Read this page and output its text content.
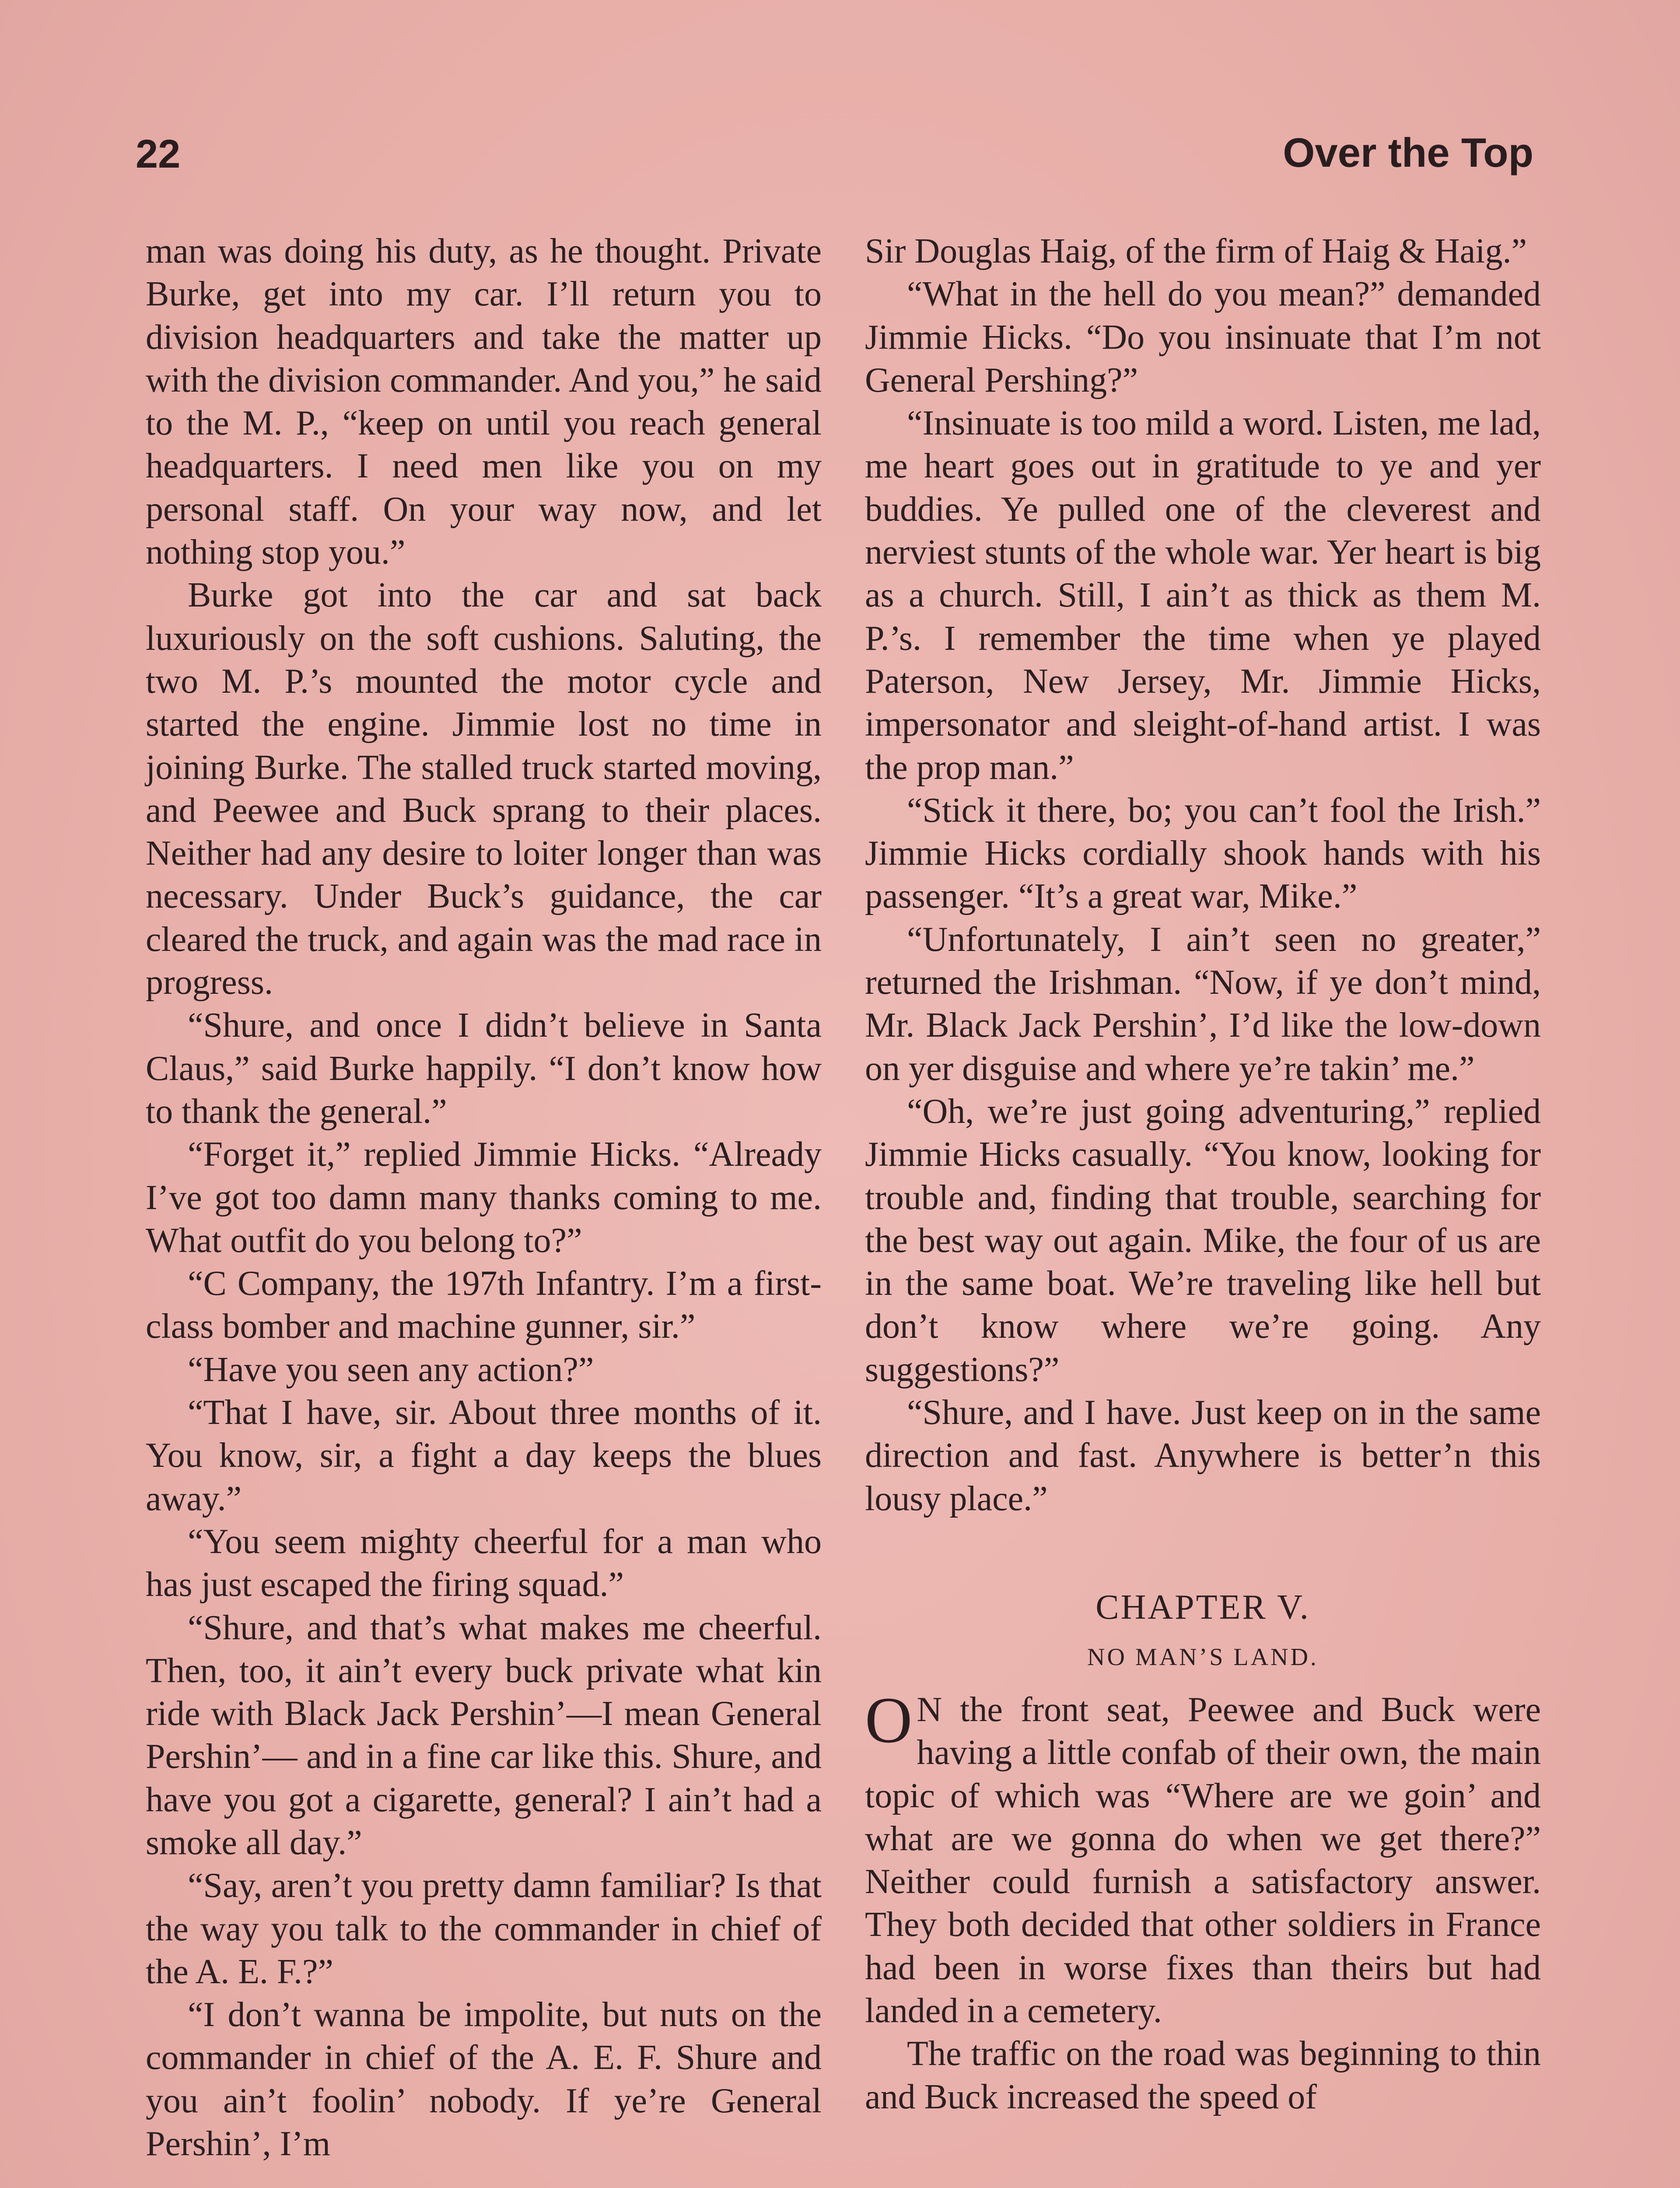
22	Over the Top

man was doing his duty, as he thought. Private Burke, get into my car. I’ll return you to division headquarters and take the matter up with the division commander. And you,” he said to the M. P., “keep on until you reach general headquarters. I need men like you on my personal staff. On your way now, and let nothing stop you.”

Burke got into the car and sat back luxuriously on the soft cushions. Saluting, the two M. P.’s mounted the motor cycle and started the engine. Jimmie lost no time in joining Burke. The stalled truck started moving, and Peewee and Buck sprang to their places. Neither had any desire to loiter longer than was necessary. Under Buck’s guidance, the car cleared the truck, and again was the mad race in progress.

“Shure, and once I didn’t believe in Santa Claus,” said Burke happily. “I don’t know how to thank the general.”

“Forget it,” replied Jimmie Hicks. “Already I’ve got too damn many thanks coming to me. What outfit do you belong to?”

“C Company, the 197th Infantry. I’m a first-class bomber and machine gunner, sir.”

“Have you seen any action?”

“That I have, sir. About three months of it. You know, sir, a fight a day keeps the blues away.”

“You seem mighty cheerful for a man who has just escaped the firing squad.”

“Shure, and that’s what makes me cheerful. Then, too, it ain’t every buck private what kin ride with Black Jack Pershin’—I mean General Pershin’— and in a fine car like this. Shure, and have you got a cigarette, general? I ain’t had a smoke all day.”

“Say, aren’t you pretty damn familiar? Is that the way you talk to the commander in chief of the A. E. F.?”

“I don’t wanna be impolite, but nuts on the commander in chief of the A. E. F. Shure and you ain’t foolin’ nobody. If ye’re General Pershin’, I’m

Sir Douglas Haig, of the firm of Haig & Haig.”

“What in the hell do you mean?” demanded Jimmie Hicks. “Do you insinuate that I’m not General Pershing?”

“Insinuate is too mild a word. Listen, me lad, me heart goes out in gratitude to ye and yer buddies. Ye pulled one of the cleverest and nerviest stunts of the whole war. Yer heart is big as a church. Still, I ain’t as thick as them M. P.’s. I remember the time when ye played Paterson, New Jersey, Mr. Jimmie Hicks, impersonator and sleight-of-hand artist. I was the prop man.”

“Stick it there, bo; you can’t fool the Irish.” Jimmie Hicks cordially shook hands with his passenger. “It’s a great war, Mike.”

“Unfortunately, I ain’t seen no greater,” returned the Irishman. “Now, if ye don’t mind, Mr. Black Jack Pershin’, I’d like the low-down on yer disguise and where ye’re takin’ me.”

“Oh, we’re just going adventuring,” replied Jimmie Hicks casually. “You know, looking for trouble and, finding that trouble, searching for the best way out again. Mike, the four of us are in the same boat. We’re traveling like hell but don’t know where we’re going. Any suggestions?”

“Shure, and I have. Just keep on in the same direction and fast. Anywhere is better’n this lousy place.”

CHAPTER V.
NO MAN’S LAND.

O N the front seat, Peewee and Buck were having a little confab of their own, the main topic of which was “Where are we goin’ and what are we gonna do when we get there?” Neither could furnish a satisfactory answer. They both decided that other soldiers in France had been in worse fixes than theirs but had landed in a cemetery.

The traffic on the road was beginning to thin and Buck increased the speed of
